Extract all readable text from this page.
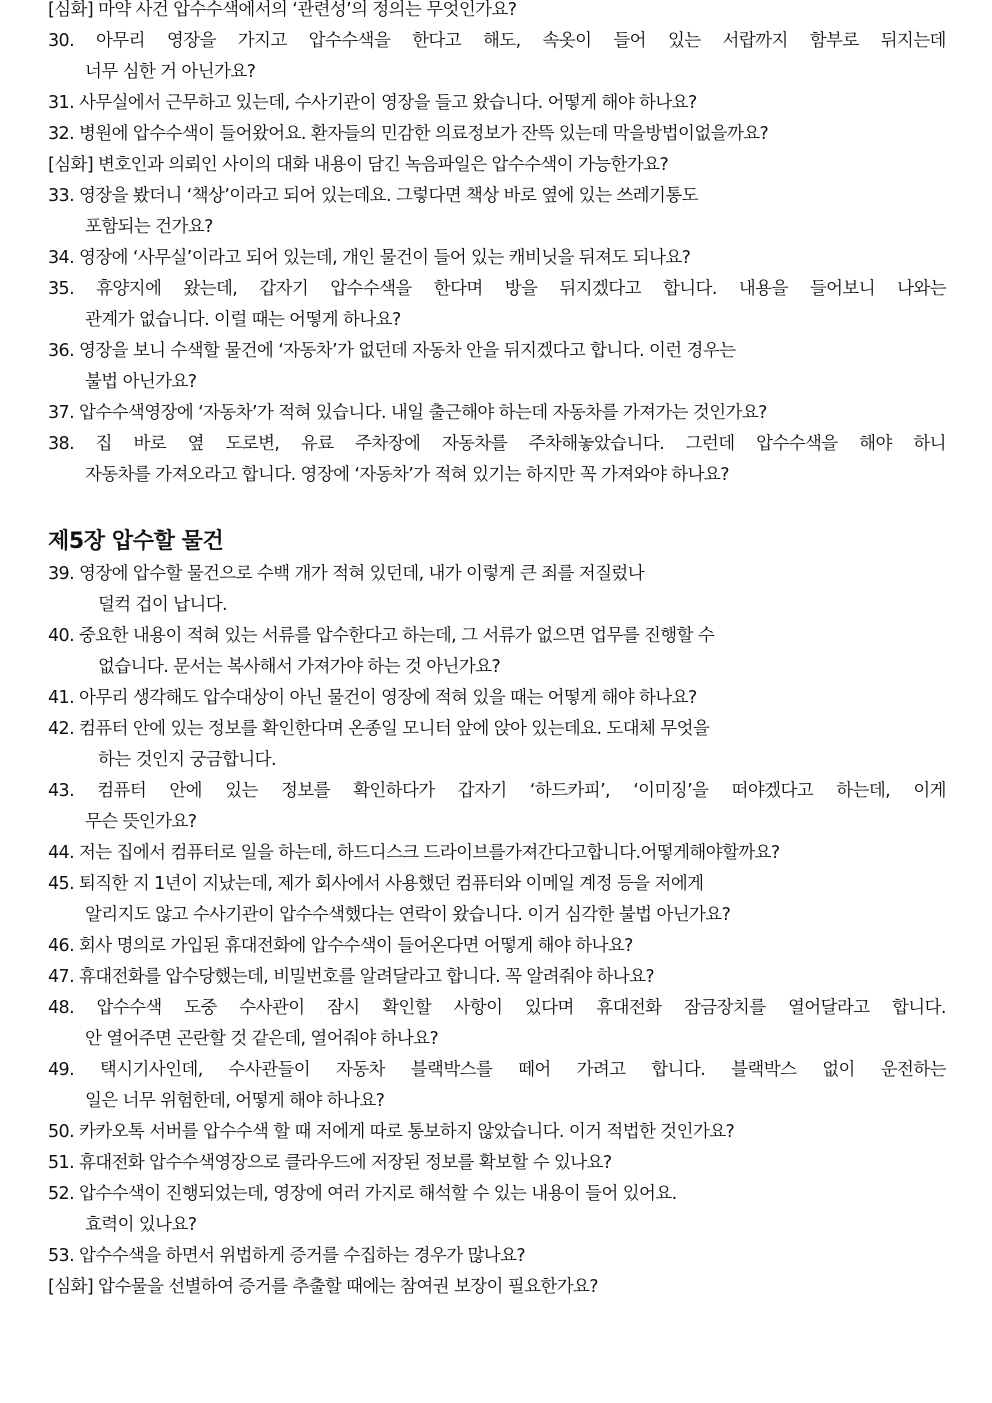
[심화] 마약 사건 압수수색에서의 ‘관련성’의 정의는 무엇인가요?
30. 아무리 영장을 가지고 압수수색을 한다고 해도, 속옷이 들어 있는 서랍까지 함부로 뒤지는데
너무 심한 거 아닌가요?
31. 사무실에서 근무하고 있는데, 수사기관이 영장을 들고 왔습니다. 어떻게 해야 하나요?
32. 병원에 압수수색이 들어왔어요. 환자들의 민감한 의료정보가 잔뜩 있는데 막을방법이없을까요?
[심화] 변호인과 의뢰인 사이의 대화 내용이 담긴 녹음파일은 압수수색이 가능한가요?
33. 영장을 봤더니 ‘책상’이라고 되어 있는데요. 그렇다면 책상 바로 옆에 있는 쓰레기통도
포함되는 건가요?
34. 영장에 ‘사무실’이라고 되어 있는데, 개인 물건이 들어 있는 캐비닛을 뒤져도 되나요?
35. 휴양지에 왔는데, 갑자기 압수수색을 한다며 방을 뒤지겠다고 합니다. 내용을 들어보니 나와는
관계가 없습니다. 이럴 때는 어떻게 하나요?
36. 영장을 보니 수색할 물건에 ‘자동차’가 없던데 자동차 안을 뒤지겠다고 합니다. 이런 경우는
불법 아닌가요?
37. 압수수색영장에 ‘자동차’가 적혀 있습니다. 내일 출근해야 하는데 자동차를 가져가는 것인가요?
38. 집 바로 옆 도로변, 유료 주차장에 자동차를 주차해놓았습니다. 그런데 압수수색을 해야 하니
자동차를 가져오라고 합니다. 영장에 ‘자동차’가 적혀 있기는 하지만 꼭 가져와야 하나요?
제5장 압수할 물건
39. 영장에 압수할 물건으로 수백 개가 적혀 있던데, 내가 이렇게 큰 죄를 저질렀나
덜컥 겁이 납니다.
40. 중요한 내용이 적혀 있는 서류를 압수한다고 하는데, 그 서류가 없으면 업무를 진행할 수
없습니다. 문서는 복사해서 가져가야 하는 것 아닌가요?
41. 아무리 생각해도 압수대상이 아닌 물건이 영장에 적혀 있을 때는 어떻게 해야 하나요?
42. 컴퓨터 안에 있는 정보를 확인한다며 온종일 모니터 앞에 앉아 있는데요. 도대체 무엇을
하는 것인지 궁금합니다.
43. 컴퓨터 안에 있는 정보를 확인하다가 갑자기 ‘하드카피’, ‘이미징’을 떠야겠다고 하는데, 이게
무슨 뜻인가요?
44. 저는 집에서 컴퓨터로 일을 하는데, 하드디스크 드라이브를가져간다고합니다.어떻게해야할까요?
45. 퇴직한 지 1년이 지났는데, 제가 회사에서 사용했던 컴퓨터와 이메일 계정 등을 저에게
알리지도 않고 수사기관이 압수수색했다는 연락이 왔습니다. 이거 심각한 불법 아닌가요?
46. 회사 명의로 가입된 휴대전화에 압수수색이 들어온다면 어떻게 해야 하나요?
47. 휴대전화를 압수당했는데, 비밀번호를 알려달라고 합니다. 꼭 알려줘야 하나요?
48. 압수수색 도중 수사관이 잠시 확인할 사항이 있다며 휴대전화 잠금장치를 열어달라고 합니다.
안 열어주면 곤란할 것 같은데, 열어줘야 하나요?
49. 택시기사인데, 수사관들이 자동차 블랙박스를 떼어 가려고 합니다. 블랙박스 없이 운전하는
일은 너무 위험한데, 어떻게 해야 하나요?
50. 카카오톡 서버를 압수수색 할 때 저에게 따로 통보하지 않았습니다. 이거 적법한 것인가요?
51. 휴대전화 압수수색영장으로 클라우드에 저장된 정보를 확보할 수 있나요?
52. 압수수색이 진행되었는데, 영장에 여러 가지로 해석할 수 있는 내용이 들어 있어요.
효력이 있나요?
53. 압수수색을 하면서 위법하게 증거를 수집하는 경우가 많나요?
[심화] 압수물을 선별하여 증거를 추출할 때에는 참여권 보장이 필요한가요?
